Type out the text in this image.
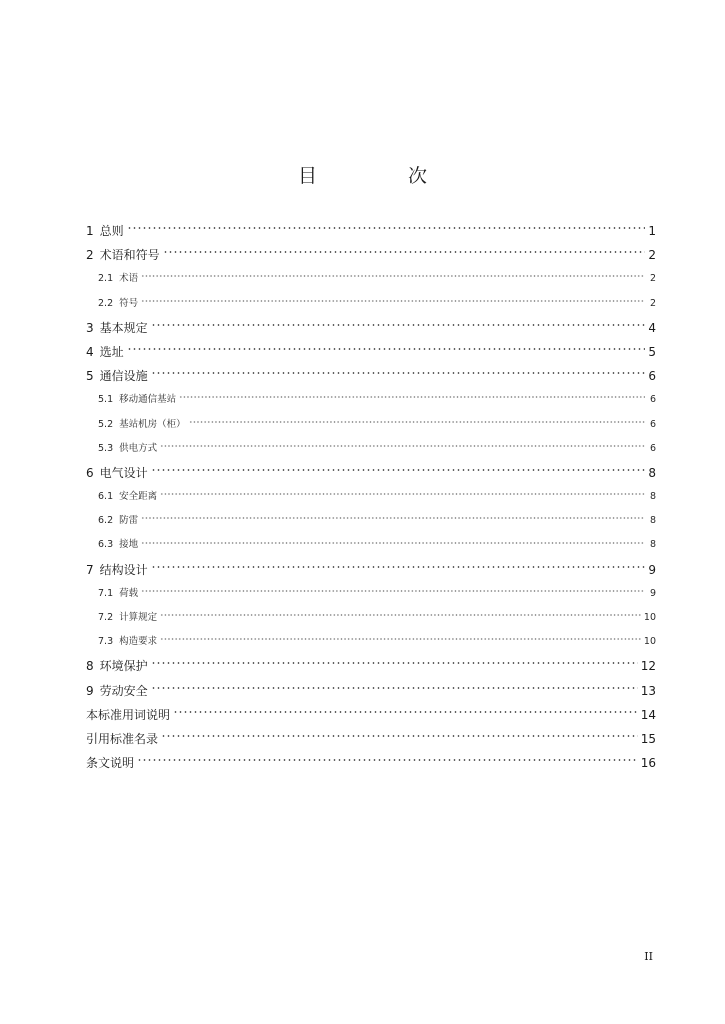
目　次
1 总则	1
2 术语和符号	2
2.1 术语	2
2.2 符号	2
3 基本规定	4
4 选址	5
5 通信设施	6
5.1 移动通信基站	6
5.2 基站机房（柜）	6
5.3 供电方式	6
6 电气设计	8
6.1 安全距离	8
6.2 防雷	8
6.3 接地	8
7 结构设计	9
7.1 荷载	9
7.2 计算规定	10
7.3 构造要求	10
8 环境保护	12
9 劳动安全	13
本标准用词说明	14
引用标准名录	15
条文说明	16
II
